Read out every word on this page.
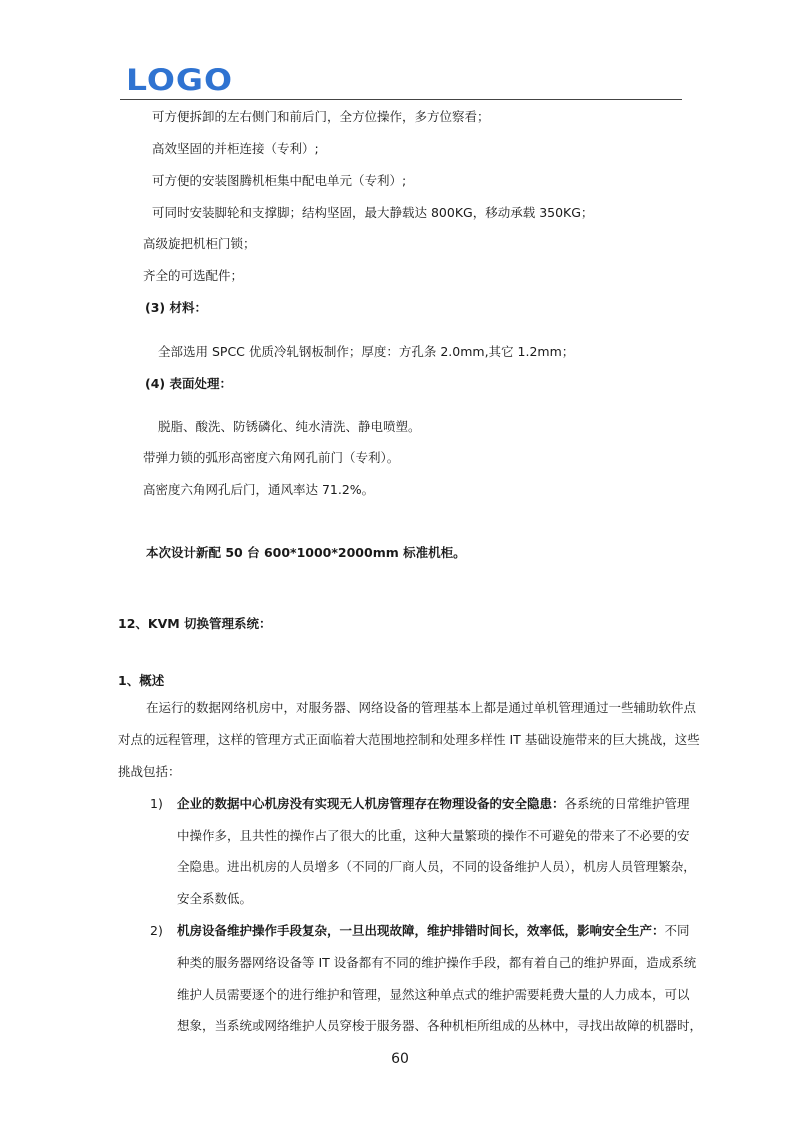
LOGO
可方便拆卸的左右侧门和前后门，全方位操作，多方位察看；
高效坚固的并柜连接（专利）;
可方便的安装图腾机柜集中配电单元（专利）;
可同时安装脚轮和支撑脚；结构坚固，最大静载达 800KG，移动承载 350KG；
高级旋把机柜门锁；
齐全的可选配件；
(3) 材料：
全部选用 SPCC 优质冷轧钢板制作；厚度：方孔条 2.0mm,其它 1.2mm；
(4) 表面处理：
脱脂、酸洗、防锈磷化、纯水清洗、静电喷塑。
带弹力锁的弧形高密度六角网孔前门（专利）。
高密度六角网孔后门，通风率达 71.2%。
本次设计新配 50 台 600*1000*2000mm 标准机柜。
12、KVM 切换管理系统：
1、概述
在运行的数据网络机房中，对服务器、网络设备的管理基本上都是通过单机管理通过一些辅助软件点
对点的远程管理，这样的管理方式正面临着大范围地控制和处理多样性 IT 基础设施带来的巨大挑战，这些
挑战包括：
1) 企业的数据中心机房没有实现无人机房管理存在物理设备的安全隐患：各系统的日常维护管理
中操作多，且共性的操作占了很大的比重，这种大量繁琐的操作不可避免的带来了不必要的安
全隐患。进出机房的人员增多（不同的厂商人员，不同的设备维护人员），机房人员管理繁杂，
安全系数低。
2) 机房设备维护操作手段复杂，一旦出现故障，维护排错时间长，效率低，影响安全生产：不同
种类的服务器网络设备等 IT 设备都有不同的维护操作手段，都有着自己的维护界面，造成系统
维护人员需要逐个的进行维护和管理，显然这种单点式的维护需要耗费大量的人力成本，可以
想象，当系统或网络维护人员穿梭于服务器、各种机柜所组成的丛林中，寻找出故障的机器时，
60
